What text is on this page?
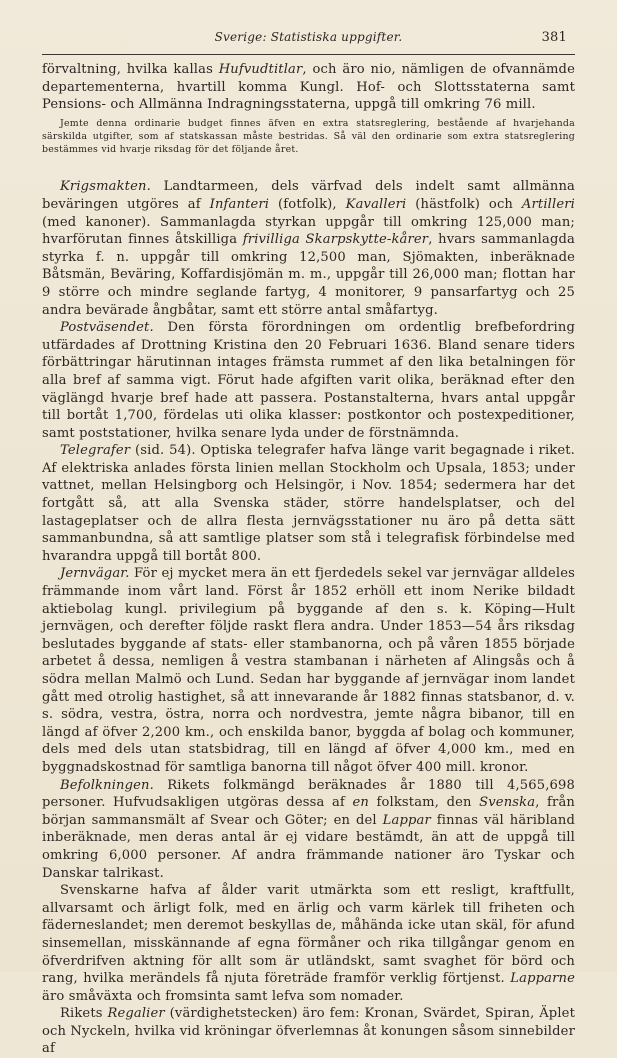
Sverige: Statistiska uppgifter.	381

förvaltning, hvilka kallas Hufvudtitlar, och äro nio, nämligen de ofvannämde departementerna, hvartill komma Kungl. Hof- och Slottsstaterna samt Pensions- och Allmänna Indragningsstaterna, uppgå till omkring 76 mill.

Jemte denna ordinarie budget finnes äfven en extra statsreglering, bestående af hvarjehanda särskilda utgifter, som af statskassan måste bestridas. Så väl den ordinarie som extra statsreglering bestämmes vid hvarje riksdag för det följande året.

Krigsmakten. Landtarmeen, dels värfvad dels indelt samt allmänna beväringen utgöres af Infanteri (fotfolk), Kavalleri (hästfolk) och Artilleri (med kanoner). Sammanlagda styrkan uppgår till omkring 125,000 man; hvarförutan finnes åtskilliga frivilliga Skarpskytte-kårer, hvars sammanlagda styrka f. n. uppgår till omkring 12,500 man, Sjömakten, inberäknade Båtsmän, Beväring, Koffardisjömän m. m., uppgår till 26,000 man; flottan har 9 större och mindre seglande fartyg, 4 monitorer, 9 pansarfartyg och 25 andra bevärade ångbåtar, samt ett större antal småfartyg.

Postväsendet. Den första förordningen om ordentlig brefbefordring utfärdades af Drottning Kristina den 20 Februari 1636. Bland senare tiders förbättringar härutinnan intages främsta rummet af den lika betalningen för alla bref af samma vigt. Förut hade afgiften varit olika, beräknad efter den väglängd hvarje bref hade att passera. Postanstalterna, hvars antal uppgår till bortåt 1,700, fördelas uti olika klasser: postkontor och postexpeditioner, samt poststationer, hvilka senare lyda under de förstnämnda.

Telegrafer (sid. 54). Optiska telegrafer hafva länge varit begagnade i riket. Af elektriska anlades första linien mellan Stockholm och Upsala, 1853; under vattnet, mellan Helsingborg och Helsingör, i Nov. 1854; sedermera har det fortgått så, att alla Svenska städer, större handelsplatser, och del lastageplatser och de allra flesta jernvägsstationer nu äro på detta sätt sammanbundna, så att samtlige platser som stå i telegrafisk förbindelse med hvarandra uppgå till bortåt 800.

Jernvägar. För ej mycket mera än ett fjerdedels sekel var jernvägar alldeles främmande inom vårt land. Först år 1852 erhöll ett inom Nerike bildadt aktiebolag kungl. privilegium på byggande af den s. k. Köping—Hult jernvägen, och derefter följde raskt flera andra. Under 1853—54 års riksdag beslutades byggande af stats- eller stambanorna, och på våren 1855 började arbetet å dessa, nemligen å vestra stambanan i närheten af Alingsås och å södra mellan Malmö och Lund. Sedan har byggande af jernvägar inom landet gått med otrolig hastighet, så att innevarande år 1882 finnas statsbanor, d. v. s. södra, vestra, östra, norra och nordvestra, jemte några bibanor, till en längd af öfver 2,200 km., och enskilda banor, byggda af bolag och kommuner, dels med dels utan statsbidrag, till en längd af öfver 4,000 km., med en byggnadskostnad för samtliga banorna till något öfver 400 mill. kronor.

Befolkningen. Rikets folkmängd beräknades år 1880 till 4,565,698 personer. Hufvudsakligen utgöras dessa af en folkstam, den Svenska, från början sammansmält af Svear och Göter; en del Lappar finnas väl häribland inberäknade, men deras antal är ej vidare bestämdt, än att de uppgå till omkring 6,000 personer. Af andra främmande nationer äro Tyskar och Danskar talrikast.

Svenskarne hafva af ålder varit utmärkta som ett resligt, kraftfullt, allvarsamt och ärligt folk, med en ärlig och varm kärlek till friheten och fäderneslandet; men deremot beskyllas de, måhända icke utan skäl, för afund sinsemellan, misskännande af egna förmåner och rika tillgångar genom en öfverdrifven aktning för allt som är utländskt, samt svaghet för börd och rang, hvilka merändels få njuta företräde framför verklig förtjenst. Lapparne äro småväxta och fromsinta samt lefva som nomader.

Rikets Regalier (värdighetstecken) äro fem: Kronan, Svärdet, Spiran, Äplet och Nyckeln, hvilka vid kröningar öfverlemnas åt konungen såsom sinnebilder af
